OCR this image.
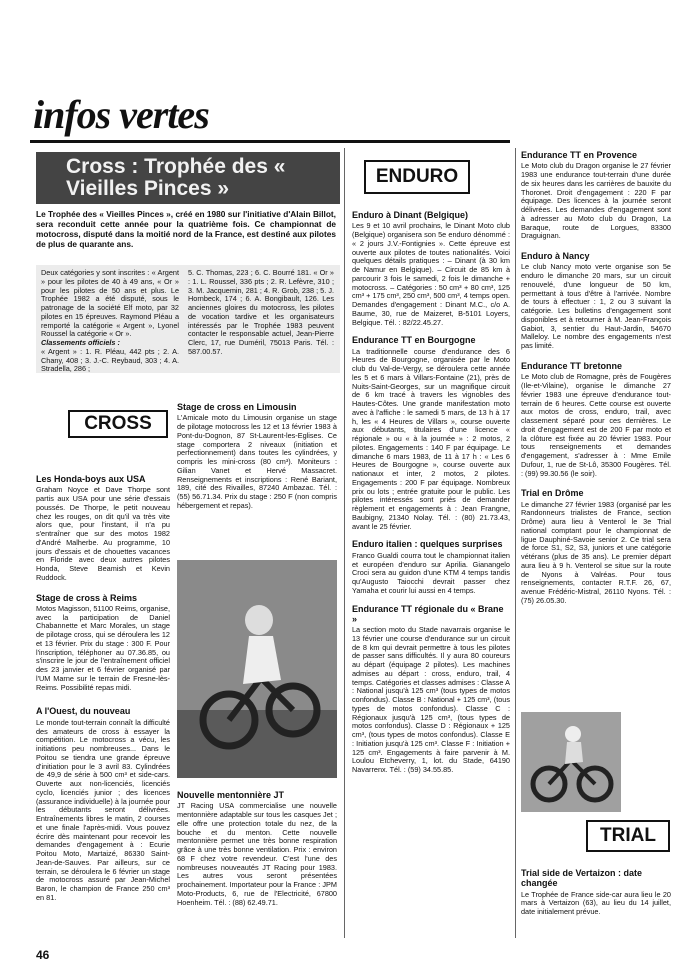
infos vertes
Cross : Trophée des « Vieilles Pinces »
Le Trophée des « Vieilles Pinces », créé en 1980 sur l'initiative d'Alain Billot, sera reconduit cette année pour la quatrième fois. Ce championnat de motocross, disputé dans la moitié nord de la France, est destiné aux pilotes de plus de quarante ans.

Deux catégories y sont inscrites : « Argent » pour les pilotes de 40 à 49 ans, « Or » pour les pilotes de 50 ans et plus. Le Trophée 1982 a été disputé, sous le patronage de la société Elf moto, par 32 pilotes en 15 épreuves. Raymond Pléau a remporté la catégorie « Argent », Lyonel Roussel la catégorie « Or ».

Classements officiels :

« Argent » : 1. R. Pléau, 442 pts ; 2. A. Chany, 408 ; 3. J.-C. Reybaud, 303 ; 4. A. Stradella, 286 ;

5. C. Thomas, 223 ; 6. C. Bourré 181. « Or » : 1. L. Roussel, 336 pts ; 2. R. Lefèvre, 310 ; 3. M. Jacquemin, 281 ; 4. R. Grob, 238 ; 5. J. Hornbeck, 174 ; 6. A. Bongibault, 126. Les anciennes gloires du motocross, les pilotes de vocation tardive et les organisateurs intéressés par le Trophée 1983 peuvent contacter le responsable actuel, Jean-Pierre Clerc, 17, rue Duméril, 75013 Paris. Tél. : 587.00.57.

CROSS
Les Honda-boys aux USA

Graham Noyce et Dave Thorpe sont partis aux USA pour une série d'essais poussés. De Thorpe, le petit nouveau chez les rouges, on dit qu'il va très vite alors que, pour l'instant, il n'a pu s'entraîner que sur des motos 1982 d'André Malherbe. Au programme, 10 jours d'essais et de chouettes vacances en Floride avec deux autres pilotes Honda, Steve Beamish et Kevin Ruddock.

Stage de cross à Reims

Motos Magisson, 51100 Reims, organise, avec la participation de Daniel Chabannette et Marc Morales, un stage de pilotage cross, qui se déroulera les 12 et 13 février. Prix du stage : 300 F. Pour l'inscription, téléphoner au 07.36.85, ou s'inscrire le jour de l'entraînement officiel des 23 janvier et 6 février organisé par l'UM Marne sur le terrain de Fresne-lès-Reims. Possibilité repas midi.

A l'Ouest, du nouveau

Le monde tout-terrain connaît la difficulté des amateurs de cross à essayer la compétition. Le motocross a vécu, les initiations peu nombreuses... Dans le Poitou se tiendra une grande épreuve d'initiation pour le 3 avril 83. Cylindrées de 49,9 de série à 500 cm³ et side-cars. Ouverte aux non-licenciés, licenciés cyclo, licenciés junior ; des licences (assurance individuelle) à la journée pour les débutants seront délivrées. Entraînements libres le matin, 2 courses et une finale l'après-midi. Vous pouvez écrire dès maintenant pour recevoir les demandes d'engagement à : Ecurie Poitou Moto, Martaizé, 86330 Saint-Jean-de-Sauves. Par ailleurs, sur ce terrain, se déroulera le 6 février un stage de motocross assuré par Jean-Michel Baron, le champion de France 250 cm³ en 81.

Stage de cross en Limousin

L'Amicale moto du Limousin organise un stage de pilotage motocross les 12 et 13 février 1983 à Pont-du-Dognon, 87 St-Laurent-les-Eglises. Ce stage comportera 2 niveaux (initiation et perfectionnement) dans toutes les cylindrées, y compris les mini-cross (80 cm³). Moniteurs : Gilian Vanet et Hervé Massacret. Renseignements et inscriptions : René Bariant, 189, cité des Rivailles, 87240 Ambazac. Tél. : (55) 56.71.34. Prix du stage : 250 F (non compris hébergement et repas).

Nouvelle mentonnière JT

JT Racing USA commercialise une nouvelle mentonnière adaptable sur tous les casques Jet ; elle offre une protection totale du nez, de la bouche et du menton. Cette nouvelle mentonnière permet une très bonne respiration grâce à une très bonne ventilation. Prix : environ 68 F chez votre revendeur. C'est l'une des nombreuses nouveautés JT Racing pour 1983. Les autres vous seront présentées prochainement. Importateur pour la France : JPM Moto-Products, 6, rue de l'Electricité, 67800 Hoenheim. Tél. : (88) 62.49.71.

ENDURO
Enduro à Dinant (Belgique)

Les 9 et 10 avril prochains, le Dinant Moto club (Belgique) organisera son 5e enduro dénommé : « 2 jours J.V.-Fontignies ». Cette épreuve est ouverte aux pilotes de toutes nationalités. Voici quelques détails pratiques : – Dinant (à 30 km de Namur en Belgique). – Circuit de 85 km à parcourir 3 fois le samedi, 2 fois le dimanche + motocross. – Catégories : 50 cm³ + 80 cm³, 125 cm³ + 175 cm³, 250 cm³, 500 cm³, 4 temps open. Demandes d'engagement : Dinant M.C., c/o A. Baume, 30, rue de Maizeret, B-5101 Loyers, Belgique. Tél. : 82/22.45.27.

Endurance TT en Bourgogne

La traditionnelle course d'endurance des 6 Heures de Bourgogne, organisée par le Moto club du Val-de-Vergy, se déroulera cette année les 5 et 6 mars à Villars-Fontaine (21), près de Nuits-Saint-Georges, sur un magnifique circuit de 6 km tracé à travers les vignobles des Hautes-Côtes. Une grande manifestation moto avec à l'affiche : le samedi 5 mars, de 13 h à 17 h, les « 4 Heures de Villars », course ouverte aux débutants, titulaires d'une licence « régionale » ou « à la journée » : 2 motos, 2 pilotes. Engagements : 140 F par équipage. Le dimanche 6 mars 1983, de 11 à 17 h : « Les 6 Heures de Bourgogne », course ouverte aux nationaux et inter, 2 motos, 2 pilotes. Engagements : 200 F par équipage. Nombreux prix ou lots ; entrée gratuite pour le public. Les pilotes intéressés sont priés de demander règlement et engagements à : Jean Frangne, Baubigny, 21340 Nolay. Tél. : (80) 21.73.43, avant le 25 février.

Enduro italien : quelques surprises

Franco Gualdi courra tout le championnat italien et européen d'enduro sur Aprilia. Gianangelo Croci sera au guidon d'une KTM 4 temps tandis qu'Augusto Taiocchi devrait passer chez Yamaha et courir lui aussi en 4 temps.

Endurance TT régionale du « Brane »

La section moto du Stade navarrais organise le 13 février une course d'endurance sur un circuit de 8 km qui devrait permettre à tous les pilotes de passer sans difficultés. Il y aura 80 coureurs au départ (équipage 2 pilotes). Les machines admises au départ : cross, enduro, trail, 4 temps. Catégories et classes admises : Classe A : National jusqu'à 125 cm³ (tous types de motos confondus). Classe B : National + 125 cm³, (tous types de motos confondus). Classe C : Régionaux jusqu'à 125 cm³, (tous types de motos confondus). Classe D : Régionaux + 125 cm³, (tous types de motos confondus). Classe E : Initiation jusqu'à 125 cm³. Classe F : Initiation + 125 cm³. Engagements à faire parvenir à M. Loulou Etcheverry, 1, lot. du Stade, 64190 Navarrenx. Tél. : (59) 34.55.85.

Endurance TT en Provence

Le Moto club du Dragon organise le 27 février 1983 une endurance tout-terrain d'une durée de six heures dans les carrières de bauxite du Thoronet. Droit d'engagement : 220 F par équipage. Des licences à la journée seront délivrées. Les demandes d'engagement sont à adresser au Moto club du Dragon, La Baraque, route de Lorgues, 83300 Draguignan.

Enduro à Nancy

Le club Nancy moto verte organise son 5e enduro le dimanche 20 mars, sur un circuit renouvelé, d'une longueur de 50 km, permettant à tous d'être à l'arrivée. Nombre de tours à effectuer : 1, 2 ou 3 suivant la catégorie. Les bulletins d'engagement sont disponibles et à retourner à M. Jean-François Gabiot, 3, sentier du Haut-Jardin, 54670 Malleloy. Le nombre des engagements n'est pas limité.

Endurance TT bretonne

Le Moto club de Romagne, près de Fougères (Ile-et-Vilaine), organise le dimanche 27 février 1983 une épreuve d'endurance tout-terrain de 6 heures. Cette course est ouverte aux motos de cross, enduro, trail, avec classement séparé pour ces dernières. Le droit d'engagement est de 200 F par moto et la clôture est fixée au 20 février 1983. Pour tous renseignements et demandes d'engagement, s'adresser à : Mme Emile Dufour, 1, rue de St-Lô, 35300 Fougères. Tél. : (99) 99.30.56 (le soir).

Trial en Drôme

Le dimanche 27 février 1983 (organisé par les Randonneurs trialistes de France, section Drôme) aura lieu à Venterol le 3e Trial national comptant pour le championnat de ligue Dauphiné-Savoie senior 2. Ce trial sera de force S1, S2, S3, juniors et une catégorie vétérans (plus de 35 ans). Le premier départ aura lieu à 9 h. Venterol se situe sur la route de Nyons à Valréas. Pour tous renseignements, contacter R.T.F. 26, 67, avenue Frédéric-Mistral, 26110 Nyons. Tél. : (75) 26.05.30.

TRIAL
Trial side de Vertaizon : date changée

Le Trophée de France side-car aura lieu le 20 mars à Vertaizon (63), au lieu du 14 juillet, date initialement prévue.

46
